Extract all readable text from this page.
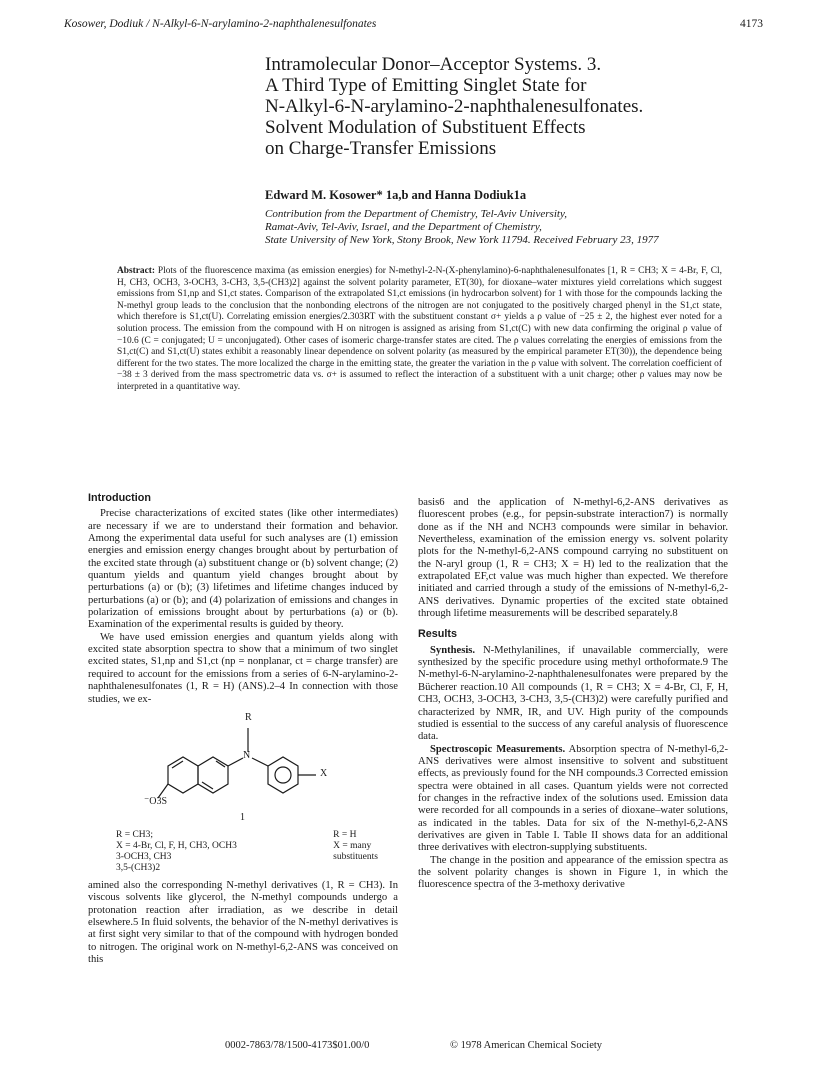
Kosower, Dodiuk / N-Alkyl-6-N-arylamino-2-naphthalenesulfonates	4173
Intramolecular Donor–Acceptor Systems. 3.
A Third Type of Emitting Singlet State for
N-Alkyl-6-N-arylamino-2-naphthalenesulfonates.
Solvent Modulation of Substituent Effects
on Charge-Transfer Emissions
Edward M. Kosower* 1a,b and Hanna Dodiuk1a
Contribution from the Department of Chemistry, Tel-Aviv University,
Ramat-Aviv, Tel-Aviv, Israel, and the Department of Chemistry,
State University of New York, Stony Brook, New York 11794. Received February 23, 1977
Abstract: Plots of the fluorescence maxima (as emission energies) for N-methyl-2-N-(X-phenylamino)-6-naphthalenesulfonates [1, R = CH3; X = 4-Br, F, Cl, H, CH3, OCH3, 3-OCH3, 3-CH3, 3,5-(CH3)2] against the solvent polarity parameter, ET(30), for dioxane–water mixtures yield correlations which suggest emissions from S1,np and S1,ct states. Comparison of the extrapolated S1,ct emissions (in hydrocarbon solvent) for 1 with those for the compounds lacking the N-methyl group leads to the conclusion that the nonbonding electrons of the nitrogen are not conjugated to the positively charged phenyl in the S1,ct state, which therefore is S1,ct(U). Correlating emission energies/2.303RT with the substituent constant σ+ yields a ρ value of −25 ± 2, the highest ever noted for a solution process. The emission from the compound with H on nitrogen is assigned as arising from S1,ct(C) with new data confirming the original ρ value of −10.6 (C = conjugated; U = unconjugated). Other cases of isomeric charge-transfer states are cited. The ρ values correlating the energies of emissions from the S1,ct(C) and S1,ct(U) states exhibit a reasonably linear dependence on solvent polarity (as measured by the empirical parameter ET(30)), the dependence being different for the two states. The more localized the charge in the emitting state, the greater the variation in the ρ value with solvent. The correlation coefficient of −38 ± 3 derived from the mass spectrometric data vs. σ+ is assumed to reflect the interaction of a substituent with a unit charge; other ρ values may now be interpreted in a quantitative way.
Introduction

Precise characterizations of excited states (like other intermediates) are necessary if we are to understand their formation and behavior. Among the experimental data useful for such analyses are (1) emission energies and emission energy changes brought about by perturbation of the excited state through (a) substituent change or (b) solvent change; (2) quantum yields and quantum yield changes brought about by perturbations (a) or (b); (3) lifetimes and lifetime changes induced by perturbations (a) or (b); and (4) polarization of emissions and changes in polarization of emissions brought about by perturbations (a) or (b). Examination of the experimental results is guided by theory.

We have used emission energies and quantum yields along with excited state absorption spectra to show that a minimum of two singlet excited states, S1,np and S1,ct (np = nonplanar, ct = charge transfer) are required to account for the emissions from a series of 6-N-arylamino-2-naphthalenesulfonates (1, R = H) (ANS).2–4 In connection with those studies, we ex-

R
N
X
⁻O3S
1
R = CH3;
X = 4-Br, Cl, F, H, CH3, OCH3
3-OCH3, CH3
3,5-(CH3)2
R = H
X = many
substituents

amined also the corresponding N-methyl derivatives (1, R = CH3). In viscous solvents like glycerol, the N-methyl compounds undergo a protonation reaction after irradiation, as we describe in detail elsewhere.5 In fluid solvents, the behavior of the N-methyl derivatives is at first sight very similar to that of the compound with hydrogen bonded to nitrogen. The original work on N-methyl-6,2-ANS was conceived on this

basis6 and the application of N-methyl-6,2-ANS derivatives as fluorescent probes (e.g., for pepsin-substrate interaction7) is normally done as if the NH and NCH3 compounds were similar in behavior. Nevertheless, examination of the emission energy vs. solvent polarity plots for the N-methyl-6,2-ANS compound carrying no substituent on the N-aryl group (1, R = CH3; X = H) led to the realization that the extrapolated EF,ct value was much higher than expected. We therefore initiated and carried through a study of the emissions of N-methyl-6,2-ANS derivatives. Dynamic properties of the excited state obtained through lifetime measurements will be described separately.8

Results

Synthesis. N-Methylanilines, if unavailable commercially, were synthesized by the specific procedure using methyl orthoformate.9 The N-methyl-6-N-arylamino-2-naphthalenesulfonates were prepared by the Bücherer reaction.10 All compounds (1, R = CH3; X = 4-Br, Cl, F, H, CH3, OCH3, 3-OCH3, 3-CH3, 3,5-(CH3)2) were carefully purified and characterized by NMR, IR, and UV. High purity of the compounds studied is essential to the success of any careful analysis of fluorescence data.

Spectroscopic Measurements. Absorption spectra of N-methyl-6,2-ANS derivatives were almost insensitive to solvent and substituent effects, as previously found for the NH compounds.3 Corrected emission spectra were obtained in all cases. Quantum yields were not corrected for changes in the refractive index of the solutions used. Emission data were recorded for all compounds in a series of dioxane–water solutions, as indicated in the tables. Data for six of the N-methyl-6,2-ANS derivatives are given in Table I. Table II shows data for an additional three derivatives with electron-supplying substituents.

The change in the position and appearance of the emission spectra as the solvent polarity changes is shown in Figure 1, in which the fluorescence spectra of the 3-methoxy derivative

0002-7863/78/1500-4173$01.00/0	© 1978 American Chemical Society
